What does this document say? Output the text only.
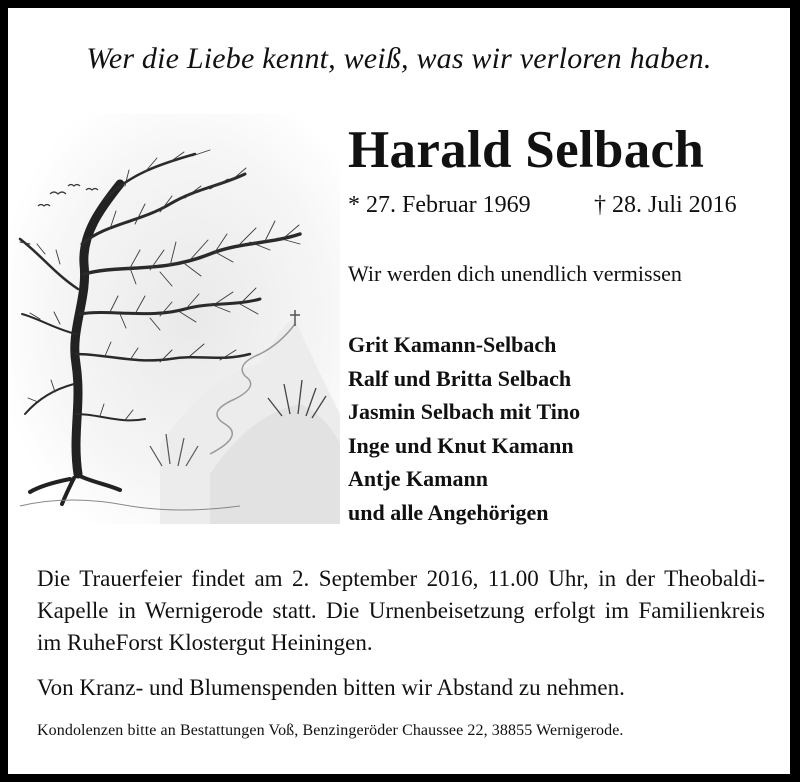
Wer die Liebe kennt, weiß, was wir verloren haben.
Harald Selbach
* 27. Februar 1969	† 28. Juli 2016
Wir werden dich unendlich vermissen
Grit Kamann-Selbach
Ralf und Britta Selbach
Jasmin Selbach mit Tino
Inge und Knut Kamann
Antje Kamann
und alle Angehörigen

Die Trauerfeier findet am 2. September 2016, 11.00 Uhr, in der Theobaldi-Kapelle in Wernigerode statt. Die Urnenbeisetzung erfolgt im Familienkreis im RuheForst Klostergut Heiningen.

Von Kranz- und Blumenspenden bitten wir Abstand zu nehmen.
Kondolenzen bitte an Bestattungen Voß, Benzingeröder Chaussee 22, 38855 Wernigerode.
